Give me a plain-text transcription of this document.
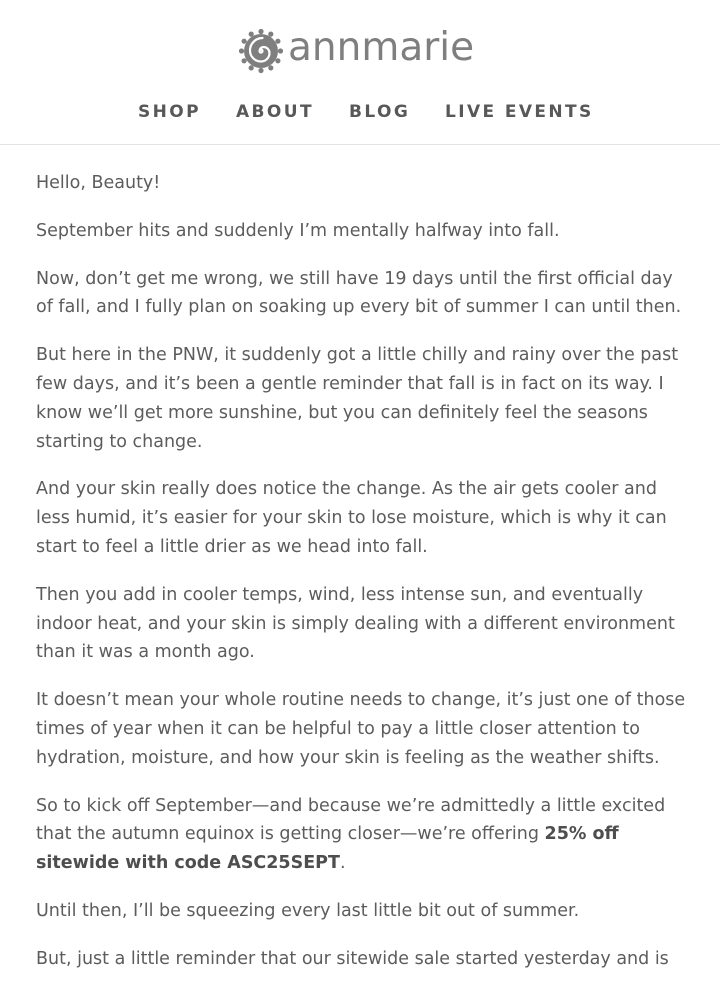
annmarie
SHOP ABOUT BLOG LIVE EVENTS

Hello, Beauty!

September hits and suddenly I’m mentally halfway into fall.

Now, don’t get me wrong, we still have 19 days until the first official day of fall, and I fully plan on soaking up every bit of summer I can until then.

But here in the PNW, it suddenly got a little chilly and rainy over the past few days, and it’s been a gentle reminder that fall is in fact on its way. I know we’ll get more sunshine, but you can definitely feel the seasons starting to change.

And your skin really does notice the change. As the air gets cooler and less humid, it’s easier for your skin to lose moisture, which is why it can start to feel a little drier as we head into fall.

Then you add in cooler temps, wind, less intense sun, and eventually indoor heat, and your skin is simply dealing with a different environment than it was a month ago.

It doesn’t mean your whole routine needs to change, it’s just one of those times of year when it can be helpful to pay a little closer attention to hydration, moisture, and how your skin is feeling as the weather shifts.

So to kick off September—and because we’re admittedly a little excited that the autumn equinox is getting closer—we’re offering 25% off sitewide with code ASC25SEPT.

Until then, I’ll be squeezing every last little bit out of summer.

But, just a little reminder that our sitewide sale started yesterday and is
